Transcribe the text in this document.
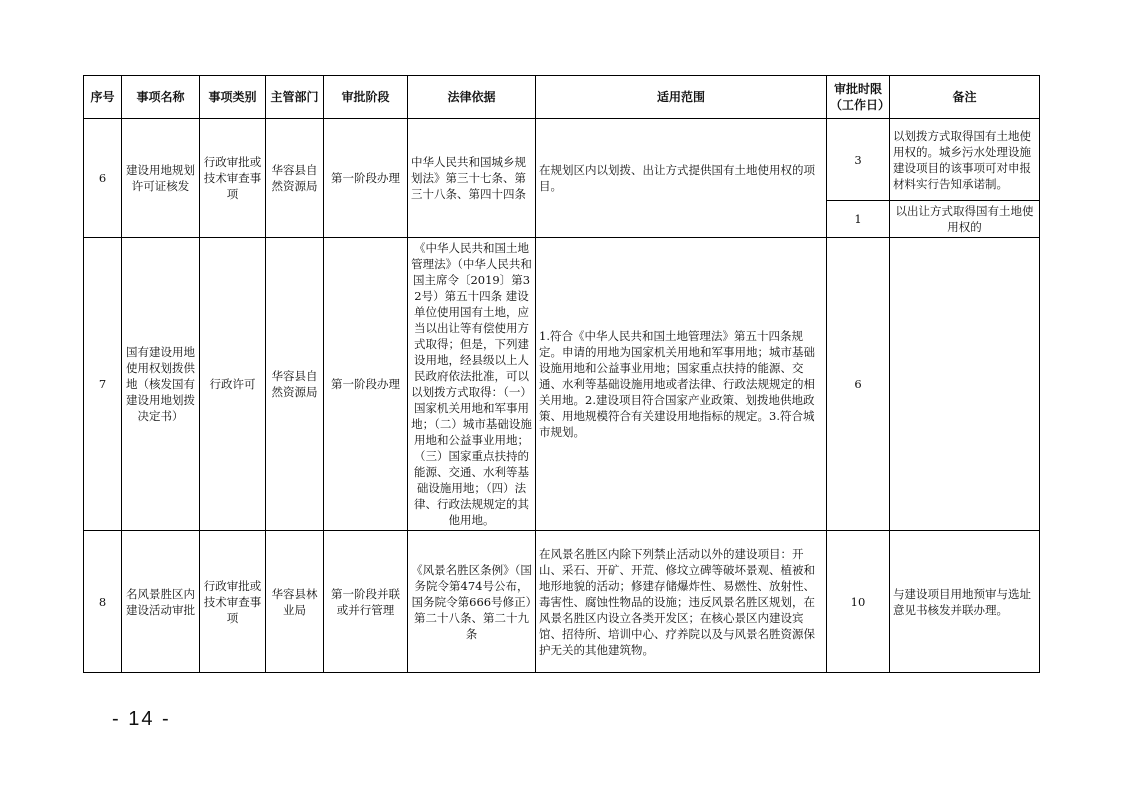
序号	事项名称	事项类别	主管部门	审批阶段	法律依据	适用范围	审批时限（工作日）	备注
6	建设用地规划许可证核发	行政审批或技术审查事项	华容县自然资源局	第一阶段办理	中华人民共和国城乡规划法》第三十七条、第三十八条、第四十四条	在规划区内以划拨、出让方式提供国有土地使用权的项目。	3	以划拨方式取得国有土地使用权的。城乡污水处理设施建设项目的该事项可对申报材料实行告知承诺制。
							1	以出让方式取得国有土地使用权的
7	国有建设用地使用权划拨供地（核发国有建设用地划拨决定书）	行政许可	华容县自然资源局	第一阶段办理	《中华人民共和国土地管理法》（中华人民共和国主席令〔2019〕第32号）第五十四条 建设单位使用国有土地，应当以出让等有偿使用方式取得；但是，下列建设用地，经县级以上人民政府依法批准，可以以划拨方式取得：（一）国家机关用地和军事用地；（二）城市基础设施用地和公益事业用地；（三）国家重点扶持的能源、交通、水利等基础设施用地；（四）法律、行政法规规定的其他用地。	1.符合《中华人民共和国土地管理法》第五十四条规定。申请的用地为国家机关用地和军事用地；城市基础设施用地和公益事业用地；国家重点扶持的能源、交通、水利等基础设施用地或者法律、行政法规规定的相关用地。2.建设项目符合国家产业政策、划拨地供地政策、用地规模符合有关建设用地指标的规定。3.符合城市规划。	6	
8	名风景胜区内建设活动审批	行政审批或技术审查事项	华容县林业局	第一阶段并联或并行管理	《风景名胜区条例》（国务院令第474号公布，国务院令第666号修正）第二十八条、第二十九条	在风景名胜区内除下列禁止活动以外的建设项目：开山、采石、开矿、开荒、修坟立碑等破坏景观、植被和地形地貌的活动；修建存储爆炸性、易燃性、放射性、毒害性、腐蚀性物品的设施；违反风景名胜区规划，在风景名胜区内设立各类开发区；在核心景区内建设宾馆、招待所、培训中心、疗养院以及与风景名胜资源保护无关的其他建筑物。	10	与建设项目用地预审与选址意见书核发并联办理。
- 14 -
